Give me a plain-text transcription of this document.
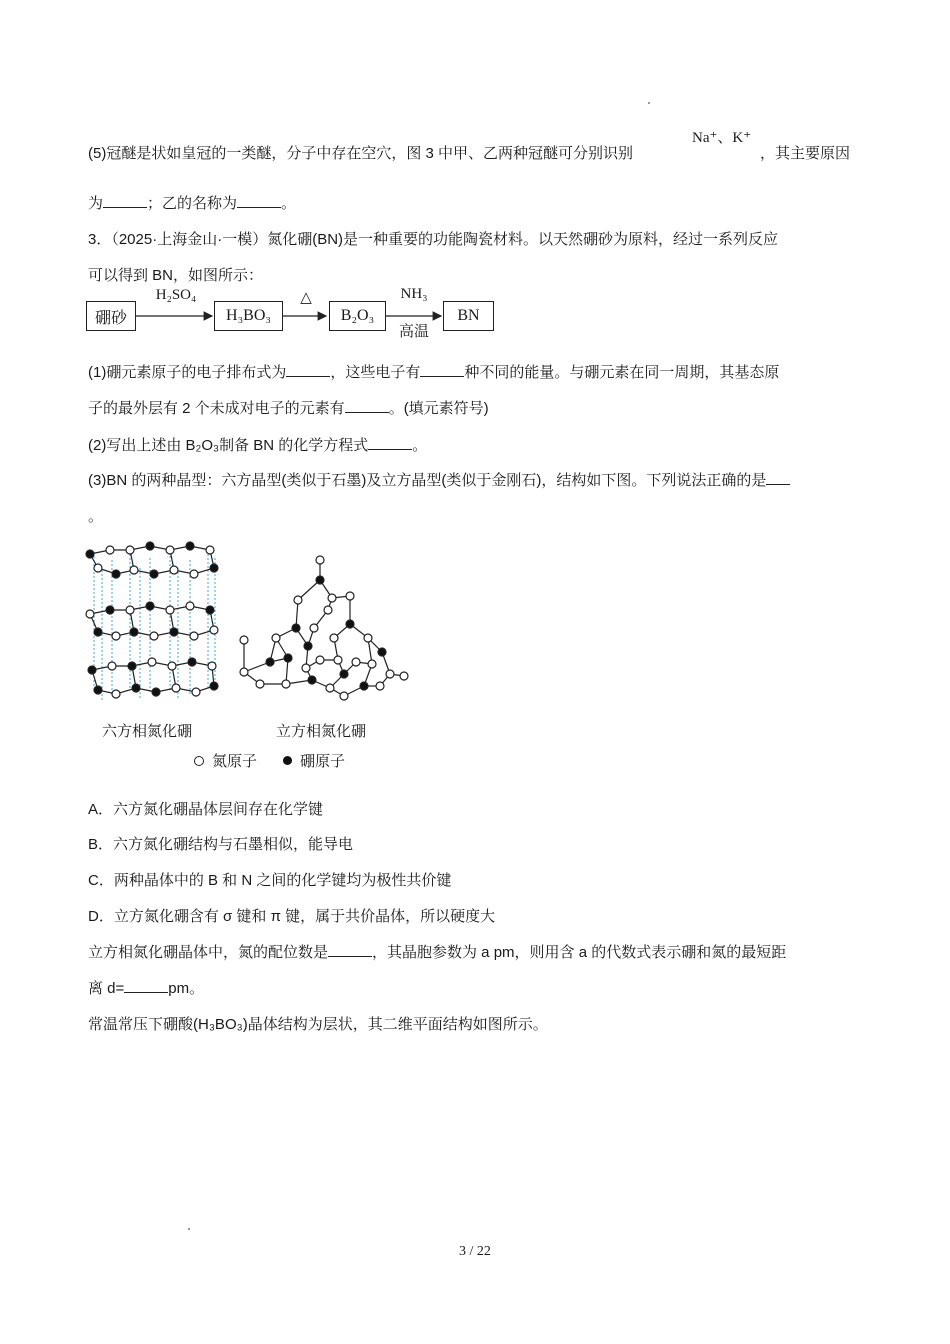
(5)冠醚是状如皇冠的一类醚，分子中存在空穴，图 3 中甲、乙两种冠醚可分别识别
Na⁺、K⁺
，其主要原因
为	；乙的名称为	。
3．（2025·上海金山·一模）氮化硼(BN)是一种重要的功能陶瓷材料。以天然硼砂为原料，经过一系列反应
可以得到 BN，如图所示：
硼砂
H₂SO₄
H₃BO₃
△
B₂O₃
NH₃
高温
BN
(1)硼元素原子的电子排布式为	，这些电子有	种不同的能量。与硼元素在同一周期，其基态原
子的最外层有 2 个未成对电子的元素有	。(填元素符号)
(2)写出上述由 B₂O₃制备 BN 的化学方程式	。
(3)BN 的两种晶型：六方晶型(类似于石墨)及立方晶型(类似于金刚石)，结构如下图。下列说法正确的是
。
六方相氮化硼	立方相氮化硼
氮原子	硼原子
A．六方氮化硼晶体层间存在化学键
B．六方氮化硼结构与石墨相似，能导电
C．两种晶体中的 B 和 N 之间的化学键均为极性共价键
D．立方氮化硼含有 σ 键和 π 键，属于共价晶体，所以硬度大
立方相氮化硼晶体中，氮的配位数是	，其晶胞参数为 a pm，则用含 a 的代数式表示硼和氮的最短距
离 d=	pm。
常温常压下硼酸(H₃BO₃)晶体结构为层状，其二维平面结构如图所示。
3 / 22
